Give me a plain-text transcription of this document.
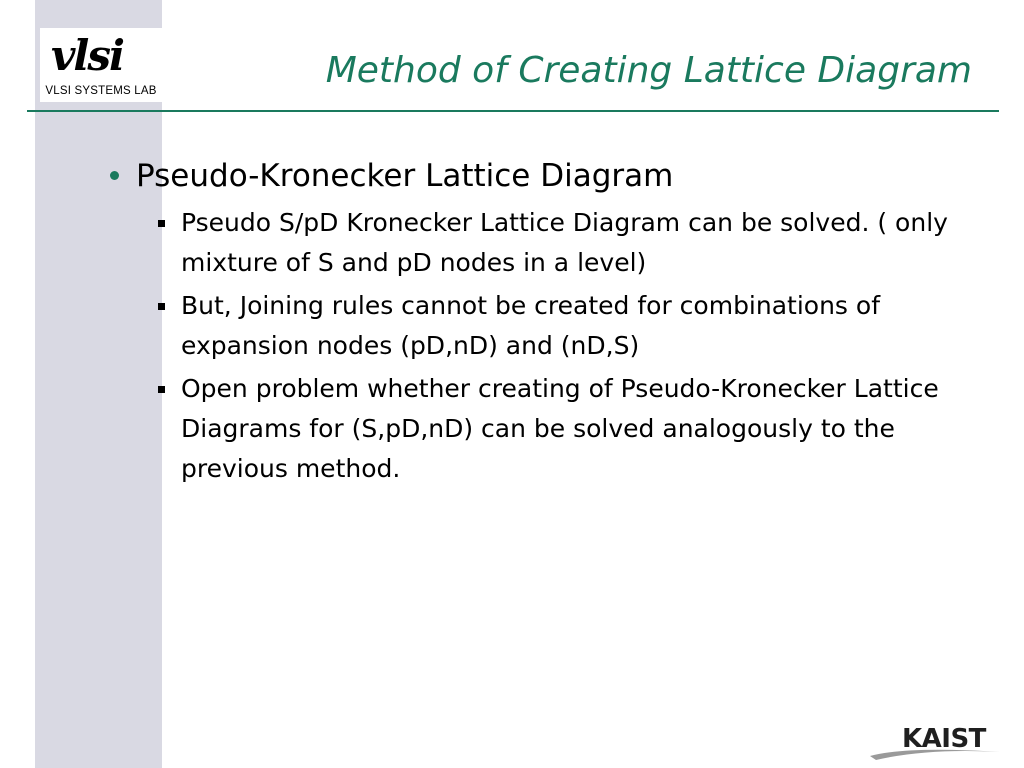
vlsi
VLSI SYSTEMS LAB	Method of Creating Lattice Diagram
Pseudo-Kronecker Lattice Diagram
Pseudo S/pD Kronecker Lattice Diagram can be solved. ( only mixture of S and pD nodes in a level)
But, Joining rules cannot be created for combinations of expansion nodes (pD,nD) and (nD,S)
Open problem whether creating of Pseudo-Kronecker Lattice Diagrams for (S,pD,nD) can be solved analogously to the previous method.
KAIST
